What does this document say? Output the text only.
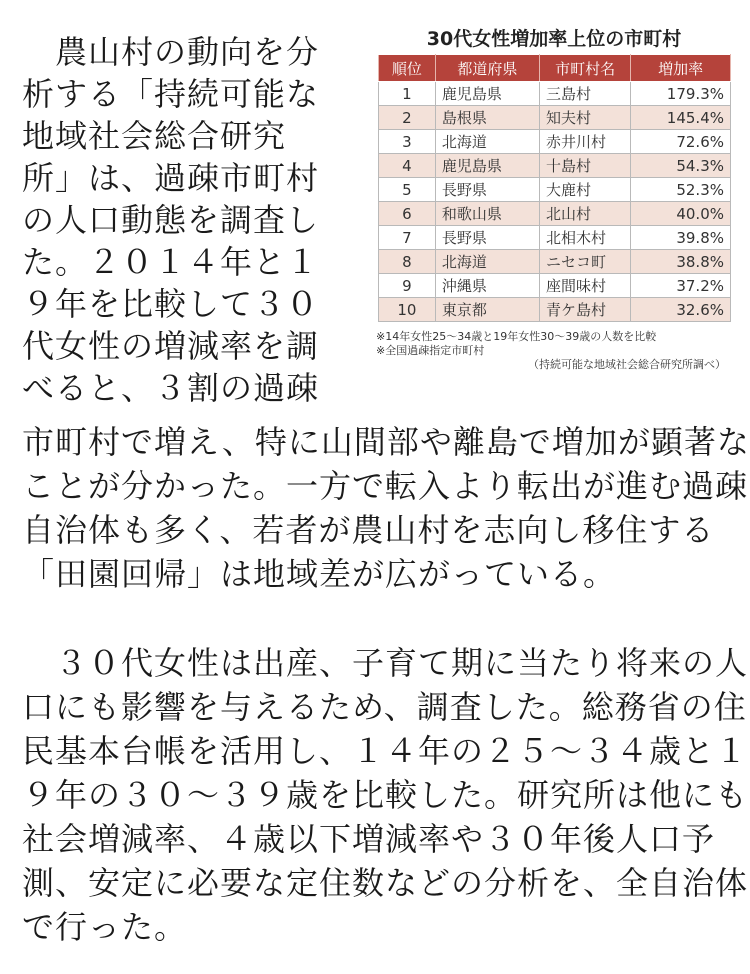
　農山村の動向を分
析する「持続可能な
地域社会総合研究
所」は、過疎市町村
の人口動態を調査し
た。２０１４年と１
９年を比較して３０
代女性の増減率を調
べると、３割の過疎
市町村で増え、特に山間部や離島で増加が顕著な
ことが分かった。一方で転入より転出が進む過疎
自治体も多く、若者が農山村を志向し移住する
「田園回帰」は地域差が広がっている。
　３０代女性は出産、子育て期に当たり将来の人
口にも影響を与えるため、調査した。総務省の住
民基本台帳を活用し、１４年の２５～３４歳と１
９年の３０～３９歳を比較した。研究所は他にも
社会増減率、４歳以下増減率や３０年後人口予
測、安定に必要な定住数などの分析を、全自治体
で行った。
30代女性増加率上位の市町村
順位	都道府県	市町村名	増加率
1	鹿児島県	三島村	179.3%
2	島根県	知夫村	145.4%
3	北海道	赤井川村	72.6%
4	鹿児島県	十島村	54.3%
5	長野県	大鹿村	52.3%
6	和歌山県	北山村	40.0%
7	長野県	北相木村	39.8%
8	北海道	ニセコ町	38.8%
9	沖縄県	座間味村	37.2%
10	東京都	青ケ島村	32.6%
※14年女性25～34歳と19年女性30～39歳の人数を比較
※全国過疎指定市町村
（持続可能な地域社会総合研究所調べ）
